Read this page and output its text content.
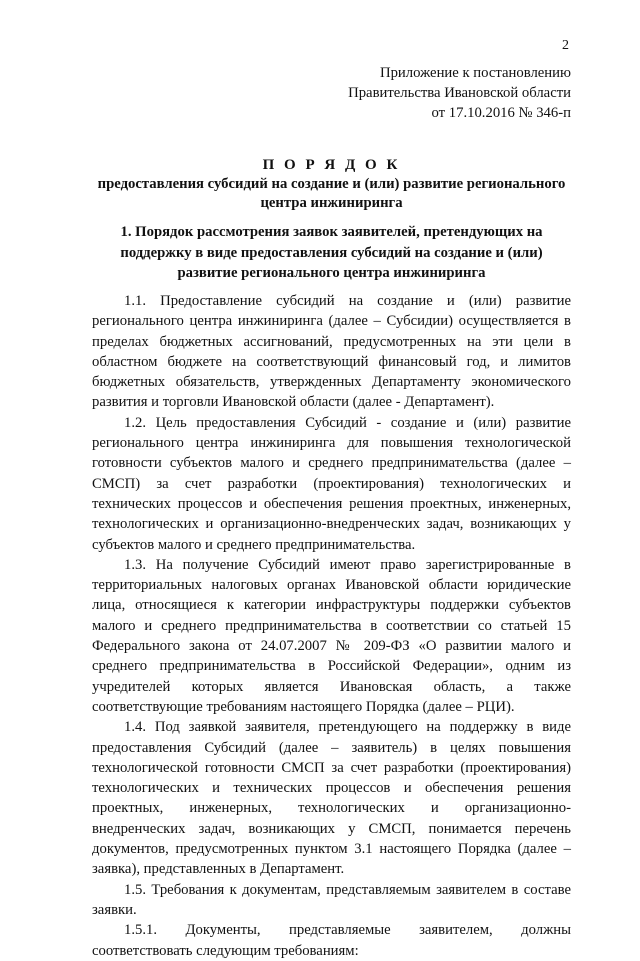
2
Приложение к постановлению
Правительства Ивановской области
от 17.10.2016 № 346-п
П О Р Я Д О К
предоставления субсидий на создание и (или) развитие регионального центра инжиниринга
1. Порядок рассмотрения заявок заявителей, претендующих на поддержку в виде предоставления субсидий на создание и (или) развитие регионального центра инжиниринга

1.1. Предоставление субсидий на создание и (или) развитие регионального центра инжиниринга (далее – Субсидии) осуществляется в пределах бюджетных ассигнований, предусмотренных на эти цели в областном бюджете на соответствующий финансовый год, и лимитов бюджетных обязательств, утвержденных Департаменту экономического развития и торговли Ивановской области (далее - Департамент).

1.2. Цель предоставления Субсидий - создание и (или) развитие регионального центра инжиниринга для повышения технологической готовности субъектов малого и среднего предпринимательства (далее – СМСП) за счет разработки (проектирования) технологических и технических процессов и обеспечения решения проектных, инженерных, технологических и организационно-внедренческих задач, возникающих у субъектов малого и среднего предпринимательства.

1.3. На получение Субсидий имеют право зарегистрированные в территориальных налоговых органах Ивановской области юридические лица, относящиеся к категории инфраструктуры поддержки субъектов малого и среднего предпринимательства в соответствии со статьей 15 Федерального закона от 24.07.2007 № 209-ФЗ «О развитии малого и среднего предпринимательства в Российской Федерации», одним из учредителей которых является Ивановская область, а также соответствующие требованиям настоящего Порядка (далее – РЦИ).

1.4. Под заявкой заявителя, претендующего на поддержку в виде предоставления Субсидий (далее – заявитель) в целях повышения технологической готовности СМСП за счет разработки (проектирования) технологических и технических процессов и обеспечения решения проектных, инженерных, технологических и организационно-внедренческих задач, возникающих у СМСП, понимается перечень документов, предусмотренных пунктом 3.1 настоящего Порядка (далее – заявка), представленных в Департамент.

1.5. Требования к документам, представляемым заявителем в составе заявки.

1.5.1. Документы, представляемые заявителем, должны соответствовать следующим требованиям:
